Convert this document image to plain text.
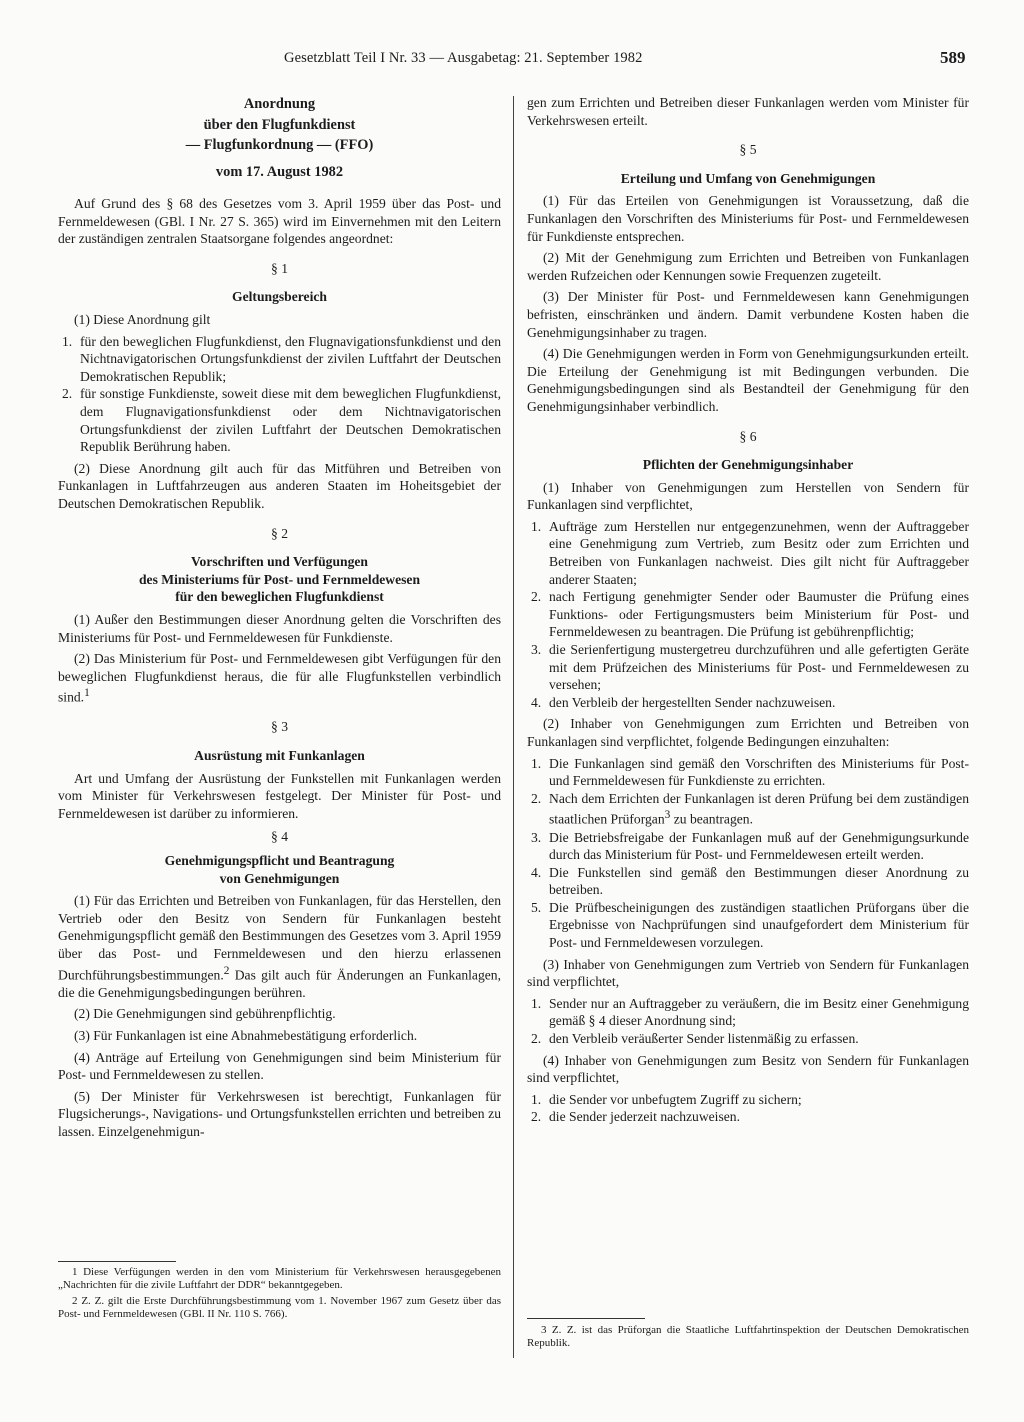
Gesetzblatt Teil I Nr. 33 — Ausgabetag: 21. September 1982	589

Anordnung

über den Flugfunkdienst

— Flugfunkordnung — (FFO)

vom 17. August 1982

Auf Grund des § 68 des Gesetzes vom 3. April 1959 über das Post- und Fernmeldewesen (GBl. I Nr. 27 S. 365) wird im Einvernehmen mit den Leitern der zuständigen zentralen Staatsorgane folgendes angeordnet:

§ 1

Geltungsbereich

(1) Diese Anordnung gilt

1. für den beweglichen Flugfunkdienst, den Flugnavigationsfunkdienst und den Nichtnavigatorischen Ortungsfunkdienst der zivilen Luftfahrt der Deutschen Demokratischen Republik;
2. für sonstige Funkdienste, soweit diese mit dem beweglichen Flugfunkdienst, dem Flugnavigationsfunkdienst oder dem Nichtnavigatorischen Ortungsfunkdienst der zivilen Luftfahrt der Deutschen Demokratischen Republik Berührung haben.

(2) Diese Anordnung gilt auch für das Mitführen und Betreiben von Funkanlagen in Luftfahrzeugen aus anderen Staaten im Hoheitsgebiet der Deutschen Demokratischen Republik.

§ 2

Vorschriften und Verfügungen

des Ministeriums für Post- und Fernmeldewesen

für den beweglichen Flugfunkdienst

(1) Außer den Bestimmungen dieser Anordnung gelten die Vorschriften des Ministeriums für Post- und Fernmeldewesen für Funkdienste.

(2) Das Ministerium für Post- und Fernmeldewesen gibt Verfügungen für den beweglichen Flugfunkdienst heraus, die für alle Flugfunkstellen verbindlich sind.$^1$

§ 3

Ausrüstung mit Funkanlagen

Art und Umfang der Ausrüstung der Funkstellen mit Funkanlagen werden vom Minister für Verkehrswesen festgelegt. Der Minister für Post- und Fernmeldewesen ist darüber zu informieren.

§ 4

Genehmigungspflicht und Beantragung

von Genehmigungen

(1) Für das Errichten und Betreiben von Funkanlagen, für das Herstellen, den Vertrieb oder den Besitz von Sendern für Funkanlagen besteht Genehmigungspflicht gemäß den Bestimmungen des Gesetzes vom 3. April 1959 über das Post- und Fernmeldewesen und den hierzu erlassenen Durchführungsbestimmungen.$^2$ Das gilt auch für Änderungen an Funkanlagen, die die Genehmigungsbedingungen berühren.

(2) Die Genehmigungen sind gebührenpflichtig.

(3) Für Funkanlagen ist eine Abnahmebestätigung erforderlich.

(4) Anträge auf Erteilung von Genehmigungen sind beim Ministerium für Post- und Fernmeldewesen zu stellen.

(5) Der Minister für Verkehrswesen ist berechtigt, Funkanlagen für Flugsicherungs-, Navigations- und Ortungsfunkstellen errichten und betreiben zu lassen. Einzelgenehmigun-

1 Diese Verfügungen werden in den vom Ministerium für Verkehrswesen herausgegebenen „Nachrichten für die zivile Luftfahrt der DDR“ bekanntgegeben.

2 Z. Z. gilt die Erste Durchführungsbestimmung vom 1. November 1967 zum Gesetz über das Post- und Fernmeldewesen (GBl. II Nr. 110 S. 766).

gen zum Errichten und Betreiben dieser Funkanlagen werden vom Minister für Verkehrswesen erteilt.

§ 5

Erteilung und Umfang von Genehmigungen

(1) Für das Erteilen von Genehmigungen ist Voraussetzung, daß die Funkanlagen den Vorschriften des Ministeriums für Post- und Fernmeldewesen für Funkdienste entsprechen.

(2) Mit der Genehmigung zum Errichten und Betreiben von Funkanlagen werden Rufzeichen oder Kennungen sowie Frequenzen zugeteilt.

(3) Der Minister für Post- und Fernmeldewesen kann Genehmigungen befristen, einschränken und ändern. Damit verbundene Kosten haben die Genehmigungsinhaber zu tragen.

(4) Die Genehmigungen werden in Form von Genehmigungsurkunden erteilt. Die Erteilung der Genehmigung ist mit Bedingungen verbunden. Die Genehmigungsbedingungen sind als Bestandteil der Genehmigung für den Genehmigungsinhaber verbindlich.

§ 6

Pflichten der Genehmigungsinhaber

(1) Inhaber von Genehmigungen zum Herstellen von Sendern für Funkanlagen sind verpflichtet,

1. Aufträge zum Herstellen nur entgegenzunehmen, wenn der Auftraggeber eine Genehmigung zum Vertrieb, zum Besitz oder zum Errichten und Betreiben von Funkanlagen nachweist. Dies gilt nicht für Auftraggeber anderer Staaten;
2. nach Fertigung genehmigter Sender oder Baumuster die Prüfung eines Funktions- oder Fertigungsmusters beim Ministerium für Post- und Fernmeldewesen zu beantragen. Die Prüfung ist gebührenpflichtig;
3. die Serienfertigung mustergetreu durchzuführen und alle gefertigten Geräte mit dem Prüfzeichen des Ministeriums für Post- und Fernmeldewesen zu versehen;
4. den Verbleib der hergestellten Sender nachzuweisen.

(2) Inhaber von Genehmigungen zum Errichten und Betreiben von Funkanlagen sind verpflichtet, folgende Bedingungen einzuhalten:

1. Die Funkanlagen sind gemäß den Vorschriften des Ministeriums für Post- und Fernmeldewesen für Funkdienste zu errichten.
2. Nach dem Errichten der Funkanlagen ist deren Prüfung bei dem zuständigen staatlichen Prüforgan$^3$ zu beantragen.
3. Die Betriebsfreigabe der Funkanlagen muß auf der Genehmigungsurkunde durch das Ministerium für Post- und Fernmeldewesen erteilt werden.
4. Die Funkstellen sind gemäß den Bestimmungen dieser Anordnung zu betreiben.
5. Die Prüfbescheinigungen des zuständigen staatlichen Prüforgans über die Ergebnisse von Nachprüfungen sind unaufgefordert dem Ministerium für Post- und Fernmeldewesen vorzulegen.

(3) Inhaber von Genehmigungen zum Vertrieb von Sendern für Funkanlagen sind verpflichtet,

1. Sender nur an Auftraggeber zu veräußern, die im Besitz einer Genehmigung gemäß § 4 dieser Anordnung sind;
2. den Verbleib veräußerter Sender listenmäßig zu erfassen.

(4) Inhaber von Genehmigungen zum Besitz von Sendern für Funkanlagen sind verpflichtet,

1. die Sender vor unbefugtem Zugriff zu sichern;
2. die Sender jederzeit nachzuweisen.

3 Z. Z. ist das Prüforgan die Staatliche Luftfahrtinspektion der Deutschen Demokratischen Republik.
